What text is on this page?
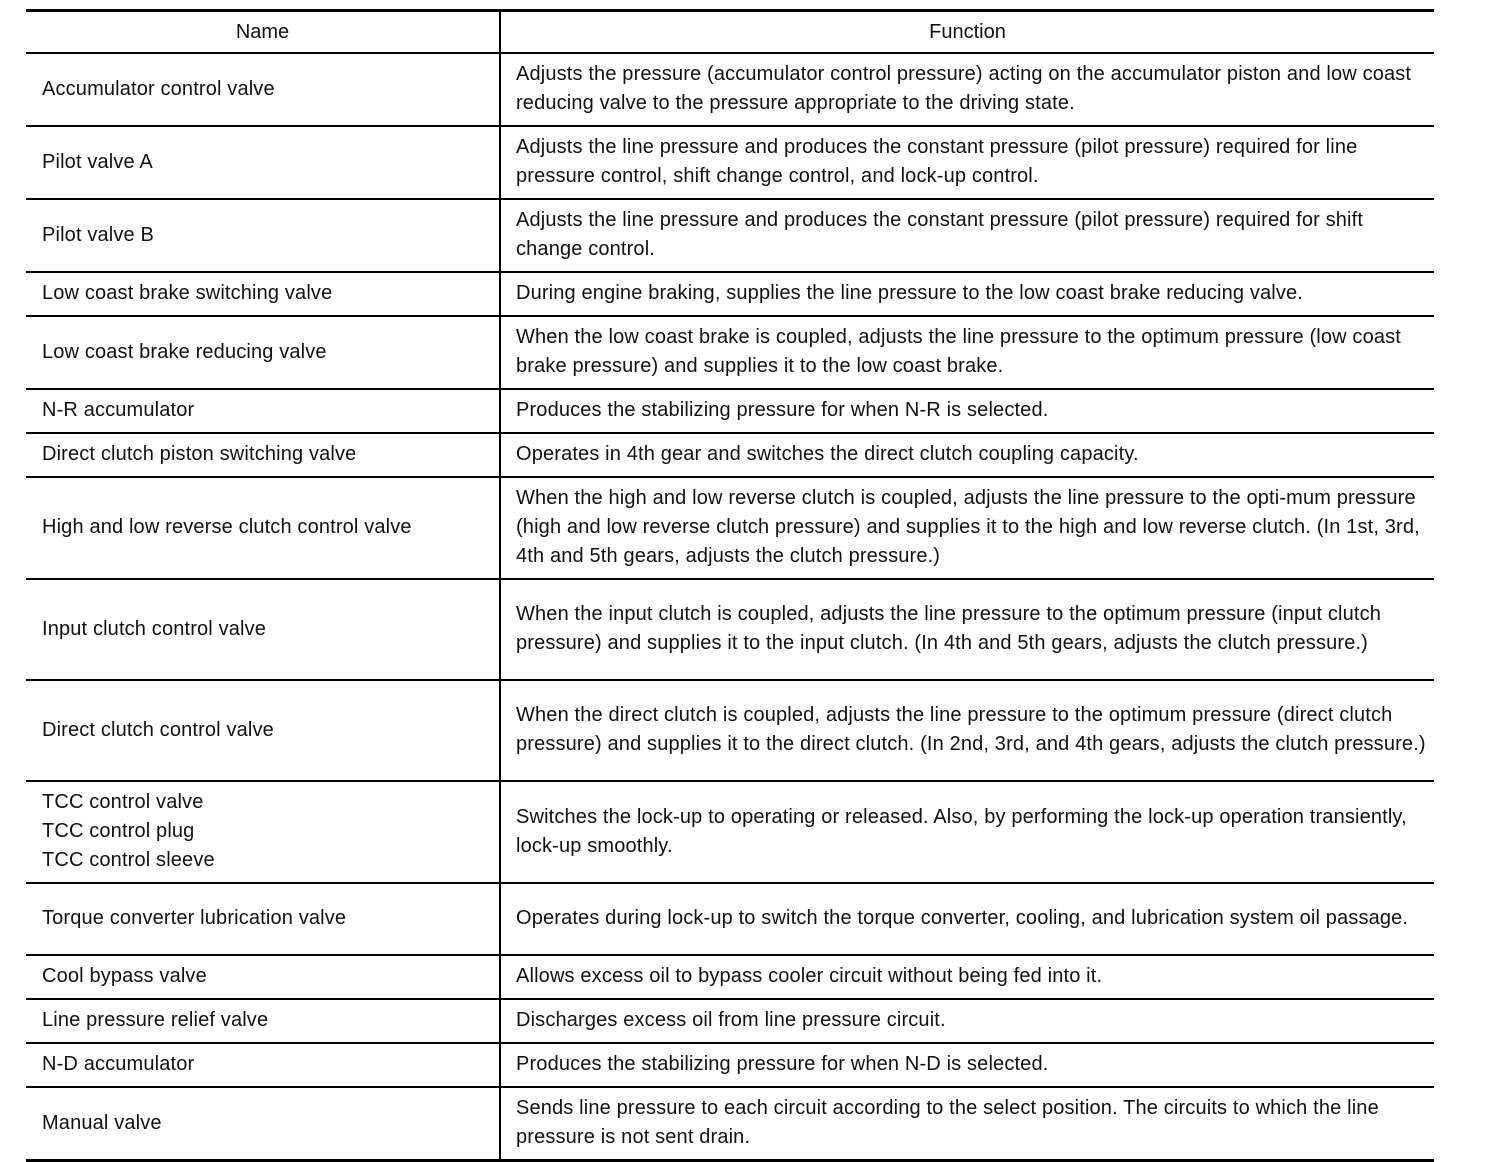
Name	Function

Accumulator control valve	Adjusts the pressure (accumulator control pressure) acting on the accumulator piston and low coast reducing valve to the pressure appropriate to the driving state.

Pilot valve A	Adjusts the line pressure and produces the constant pressure (pilot pressure) required for line pressure control, shift change control, and lock-up control.

Pilot valve B	Adjusts the line pressure and produces the constant pressure (pilot pressure) required for shift change control.

Low coast brake switching valve	During engine braking, supplies the line pressure to the low coast brake reducing valve.

Low coast brake reducing valve	When the low coast brake is coupled, adjusts the line pressure to the optimum pressure (low coast brake pressure) and supplies it to the low coast brake.

N-R accumulator	Produces the stabilizing pressure for when N-R is selected.

Direct clutch piston switching valve	Operates in 4th gear and switches the direct clutch coupling capacity.

High and low reverse clutch control valve	When the high and low reverse clutch is coupled, adjusts the line pressure to the opti-mum pressure (high and low reverse clutch pressure) and supplies it to the high and low reverse clutch. (In 1st, 3rd, 4th and 5th gears, adjusts the clutch pressure.)

Input clutch control valve	When the input clutch is coupled, adjusts the line pressure to the optimum pressure (input clutch pressure) and supplies it to the input clutch. (In 4th and 5th gears, adjusts the clutch pressure.)

Direct clutch control valve	When the direct clutch is coupled, adjusts the line pressure to the optimum pressure (direct clutch pressure) and supplies it to the direct clutch. (In 2nd, 3rd, and 4th gears, adjusts the clutch pressure.)

TCC control valve
TCC control plug
TCC control sleeve	Switches the lock-up to operating or released. Also, by performing the lock-up operation transiently, lock-up smoothly.

Torque converter lubrication valve	Operates during lock-up to switch the torque converter, cooling, and lubrication system oil passage.

Cool bypass valve	Allows excess oil to bypass cooler circuit without being fed into it.

Line pressure relief valve	Discharges excess oil from line pressure circuit.

N-D accumulator	Produces the stabilizing pressure for when N-D is selected.

Manual valve	Sends line pressure to each circuit according to the select position. The circuits to which the line pressure is not sent drain.
